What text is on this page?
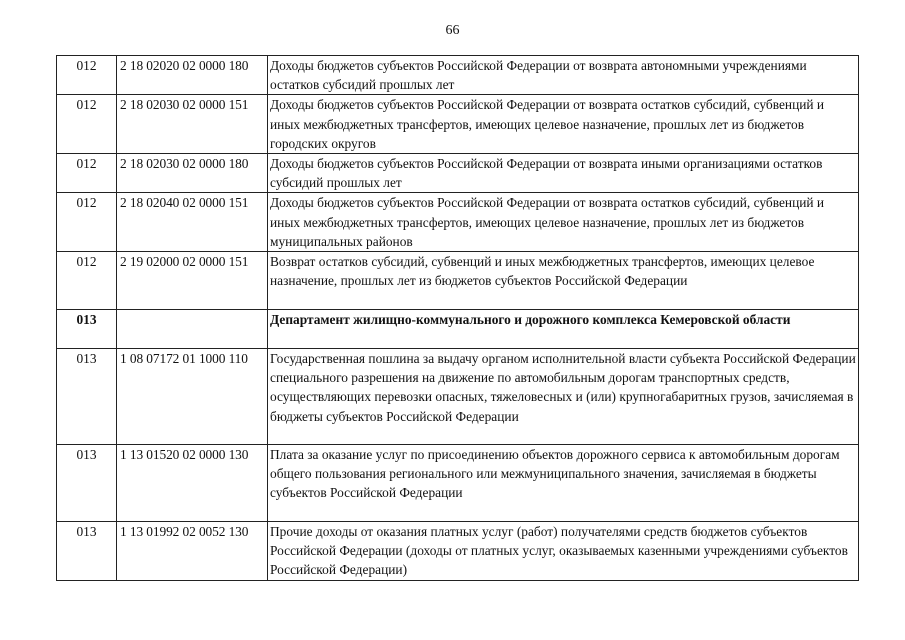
66
012	2 18 02020 02 0000 180	Доходы бюджетов субъектов Российской Федерации от возврата автономными учреждениями остатков субсидий прошлых лет
012	2 18 02030 02 0000 151	Доходы бюджетов субъектов Российской Федерации от возврата остатков субсидий, субвенций и иных межбюджетных трансфертов, имеющих целевое назначение, прошлых лет из бюджетов городских округов
012	2 18 02030 02 0000 180	Доходы бюджетов субъектов Российской Федерации от возврата иными организациями остатков субсидий прошлых лет
012	2 18 02040 02 0000 151	Доходы бюджетов субъектов Российской Федерации от возврата остатков субсидий, субвенций и иных межбюджетных трансфертов, имеющих целевое назначение, прошлых лет из бюджетов муниципальных районов
012	2 19 02000 02 0000 151	Возврат остатков субсидий, субвенций и иных межбюджетных трансфертов, имеющих целевое назначение, прошлых лет из бюджетов субъектов Российской Федерации
013		Департамент жилищно-коммунального и дорожного комплекса Кемеровской области
013	1 08 07172 01 1000 110	Государственная пошлина за выдачу органом исполнительной власти субъекта Российской Федерации специального разрешения на движение по автомобильным дорогам транспортных средств, осуществляющих перевозки опасных, тяжеловесных и (или) крупногабаритных грузов, зачисляемая в бюджеты субъектов Российской Федерации
013	1 13 01520 02 0000 130	Плата за оказание услуг по присоединению объектов дорожного сервиса к автомобильным дорогам общего пользования регионального или межмуниципального значения, зачисляемая в бюджеты субъектов Российской Федерации
013	1 13 01992 02 0052 130	Прочие доходы от оказания платных услуг (работ) получателями средств бюджетов субъектов Российской Федерации (доходы от платных услуг, оказываемых казенными учреждениями субъектов Российской Федерации)
